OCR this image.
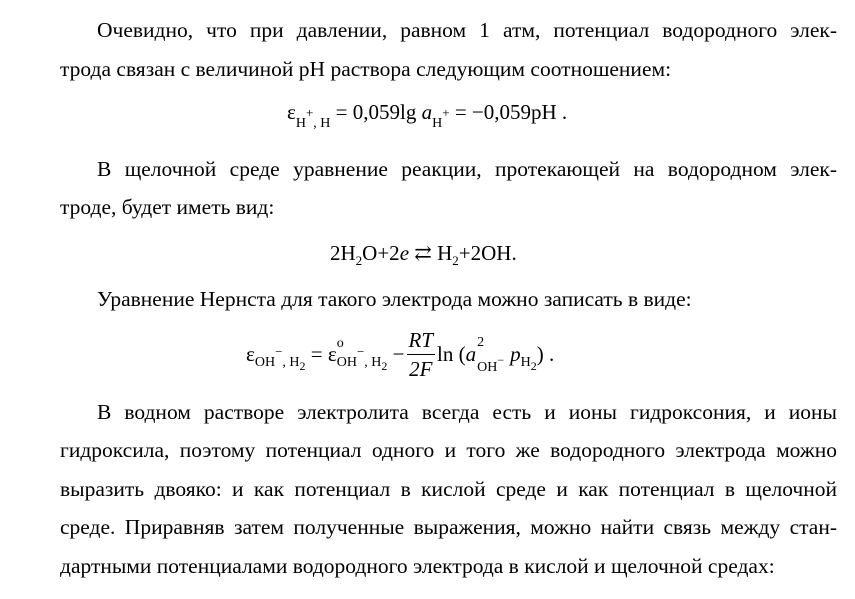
Очевидно, что при давлении, равном 1 атм, потенциал водородного элек-
трода связан с величиной pH раствора следующим соотношением:
$\varepsilon_{H+, H} = 0,059\lg$ $a_{H+} = -0,059pH$ .
В щелочной среде уравнение реакции, протекающей на водородном элек-
троде, будет иметь вид:
$2H_2O+2e$ ⇄ $H_2+2OH$.
Уравнение Нернста для такого электрода можно записать в виде:
ε OH−, H2 = ε o
OH−, $H2 - \frac{RT}{2F}$ ln ( a 2
OH− p H2 ) .
В водном растворе электролита всегда есть и ионы гидроксония, и ионы
гидроксила, поэтому потенциал одного и того же водородного электрода можно
выразить двояко: и как потенциал в кислой среде и как потенциал в щелочной
среде. Приравняв затем полученные выражения, можно найти связь между стан-
дартными потенциалами водородного электрода в кислой и щелочной средах:
